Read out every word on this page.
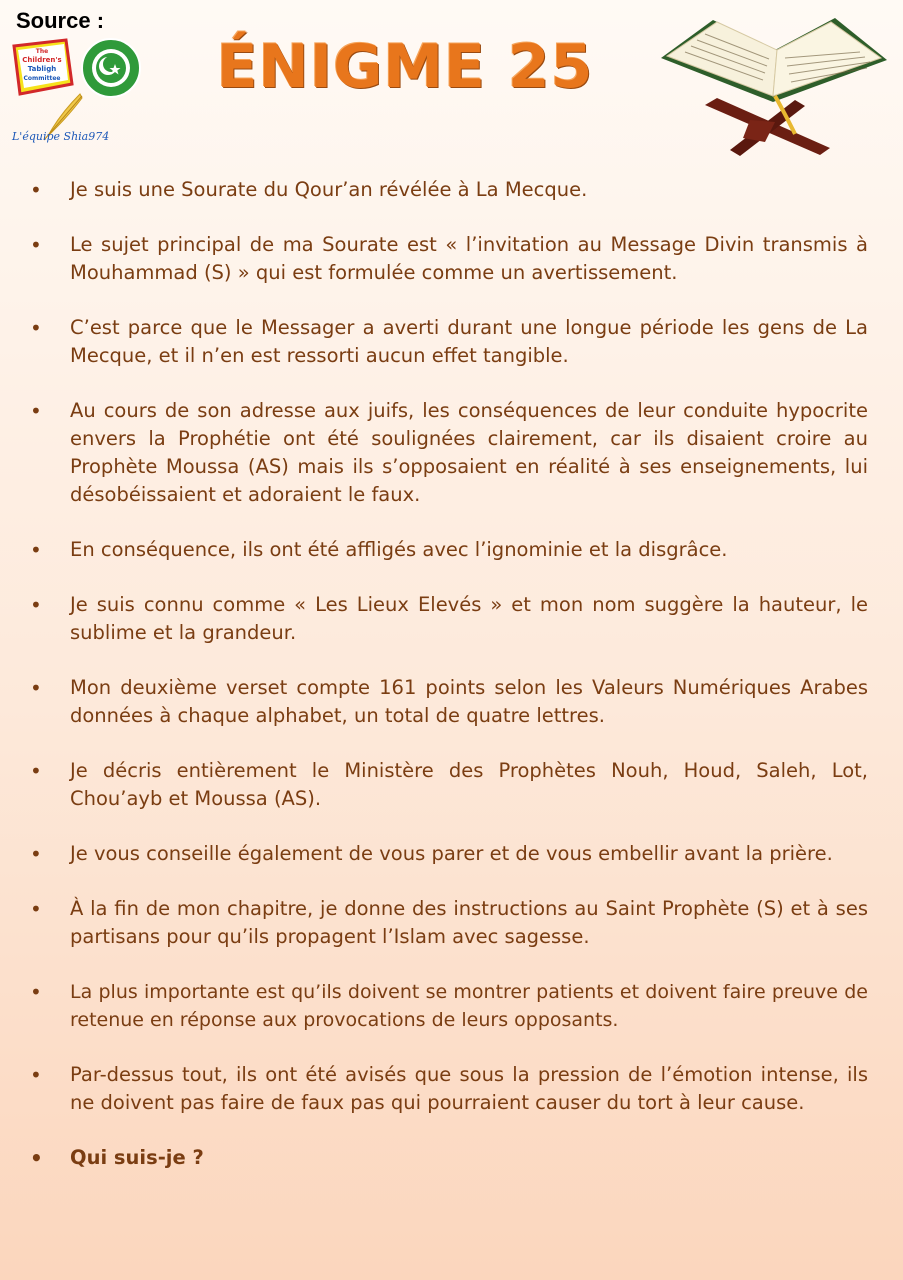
Source :
The
Children's
Tabligh
Committee
L'équipe Shia974
ÉNIGME 25
• Je suis une Sourate du Qour’an révélée à La Mecque.
• Le sujet principal de ma Sourate est « l’invitation au Message Divin transmis à Mouhammad (S) » qui est formulée comme un avertissement.
• C’est parce que le Messager a averti durant une longue période les gens de La Mecque, et il n’en est ressorti aucun effet tangible.
• Au cours de son adresse aux juifs, les conséquences de leur conduite hypocrite envers la Prophétie ont été soulignées clairement, car ils disaient croire au Prophète Moussa (AS) mais ils s’opposaient en réalité à ses enseignements, lui désobéissaient et adoraient le faux.
• En conséquence, ils ont été affligés avec l’ignominie et la disgrâce.
• Je suis connu comme « Les Lieux Elevés » et mon nom suggère la hauteur, le sublime et la grandeur.
• Mon deuxième verset compte 161 points selon les Valeurs Numériques Arabes données à chaque alphabet, un total de quatre lettres.
• Je décris entièrement le Ministère des Prophètes Nouh, Houd, Saleh, Lot, Chou’ayb et Moussa (AS).
• Je vous conseille également de vous parer et de vous embellir avant la prière.
• À la fin de mon chapitre, je donne des instructions au Saint Prophète (S) et à ses partisans pour qu’ils propagent l’Islam avec sagesse.
• La plus importante est qu’ils doivent se montrer patients et doivent faire preuve de retenue en réponse aux provocations de leurs opposants.
• Par-dessus tout, ils ont été avisés que sous la pression de l’émotion intense, ils ne doivent pas faire de faux pas qui pourraient causer du tort à leur cause.
• Qui suis-je ?
